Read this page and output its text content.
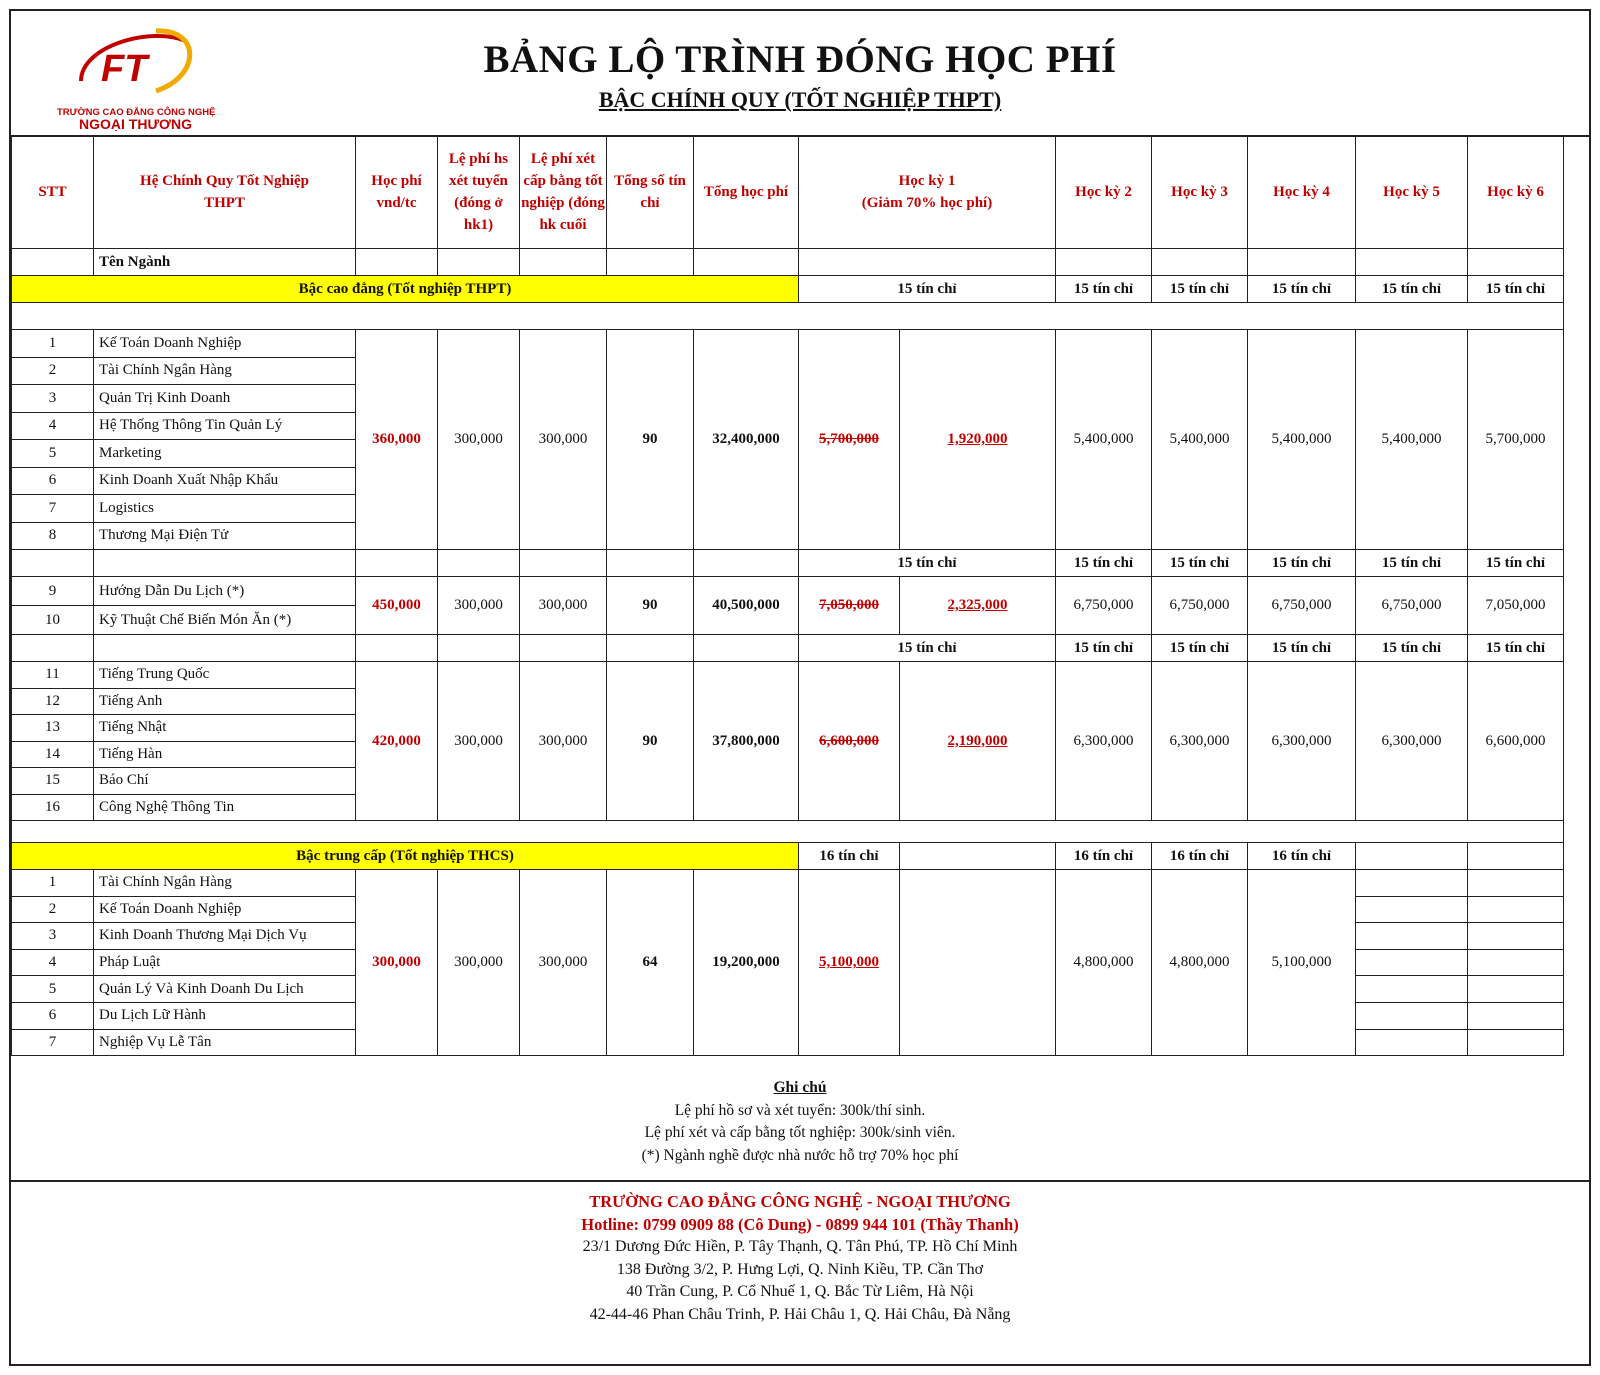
FT
TRƯỜNG CAO ĐẲNG CÔNG NGHỆ
NGOẠI THƯƠNG
BẢNG LỘ TRÌNH ĐÓNG HỌC PHÍ
BẬC CHÍNH QUY (TỐT NGHIỆP THPT)
STT	Hệ Chính Quy Tốt Nghiệp THPT	Học phí vnd/tc	Lệ phí hs xét tuyển (đóng ở hk1)	Lệ phí xét cấp bằng tốt nghiệp (đóng hk cuối	Tổng số tín chỉ	Tổng học phí	Học kỳ 1
(Giảm 70% học phí)		Học kỳ 2	Học kỳ 3	Học kỳ 4	Học kỳ 5	Học kỳ 6
	Tên Ngành												
Bậc cao đẳng (Tốt nghiệp THPT)							15 tín chỉ		15 tín chỉ	15 tín chỉ	15 tín chỉ	15 tín chỉ	15 tín chỉ

1	Kế Toán Doanh Nghiệp	360,000	300,000	300,000	90	32,400,000	5,700,000	1,920,000	5,400,000	5,400,000	5,400,000	5,400,000	5,700,000
2	Tài Chính Ngân Hàng												
3	Quản Trị Kinh Doanh												
4	Hệ Thống Thông Tin Quản Lý												
5	Marketing												
6	Kinh Doanh Xuất Nhập Khẩu												
7	Logistics												
8	Thương Mại Điện Tử												
							15 tín chỉ		15 tín chỉ	15 tín chỉ	15 tín chỉ	15 tín chỉ	15 tín chỉ
9	Hướng Dẫn Du Lịch (*)	450,000	300,000	300,000	90	40,500,000	7,050,000	2,325,000	6,750,000	6,750,000	6,750,000	6,750,000	7,050,000
10	Kỹ Thuật Chế Biến Món Ăn (*)												
							15 tín chỉ		15 tín chỉ	15 tín chỉ	15 tín chỉ	15 tín chỉ	15 tín chỉ
11	Tiếng Trung Quốc	420,000	300,000	300,000	90	37,800,000	6,600,000	2,190,000	6,300,000	6,300,000	6,300,000	6,300,000	6,600,000
12	Tiếng Anh												
13	Tiếng Nhật												
14	Tiếng Hàn												
15	Báo Chí												
16	Công Nghệ Thông Tin												

Bậc trung cấp (Tốt nghiệp THCS)							16 tín chỉ		16 tín chỉ	16 tín chỉ	16 tín chỉ		
1	Tài Chính Ngân Hàng	300,000	300,000	300,000	64	19,200,000	5,100,000		4,800,000	4,800,000	5,100,000		
2	Kế Toán Doanh Nghiệp												
3	Kinh Doanh Thương Mại Dịch Vụ												
4	Pháp Luật												
5	Quản Lý Và Kinh Doanh Du Lịch												
6	Du Lịch Lữ Hành												
7	Nghiệp Vụ Lễ Tân												
Ghi chú
Lệ phí hồ sơ và xét tuyển: 300k/thí sinh.
Lệ phí xét và cấp bằng tốt nghiệp: 300k/sinh viên.
(*) Ngành nghề được nhà nước hỗ trợ 70% học phí
TRƯỜNG CAO ĐẲNG CÔNG NGHỆ - NGOẠI THƯƠNG
Hotline: 0799 0909 88 (Cô Dung) - 0899 944 101 (Thầy Thanh)
23/1 Dương Đức Hiền, P. Tây Thạnh, Q. Tân Phú, TP. Hồ Chí Minh
138 Đường 3/2, P. Hưng Lợi, Q. Ninh Kiều, TP. Cần Thơ
40 Trần Cung, P. Cổ Nhuế 1, Q. Bắc Từ Liêm, Hà Nội
42-44-46 Phan Châu Trinh, P. Hải Châu 1, Q. Hải Châu, Đà Nẵng
